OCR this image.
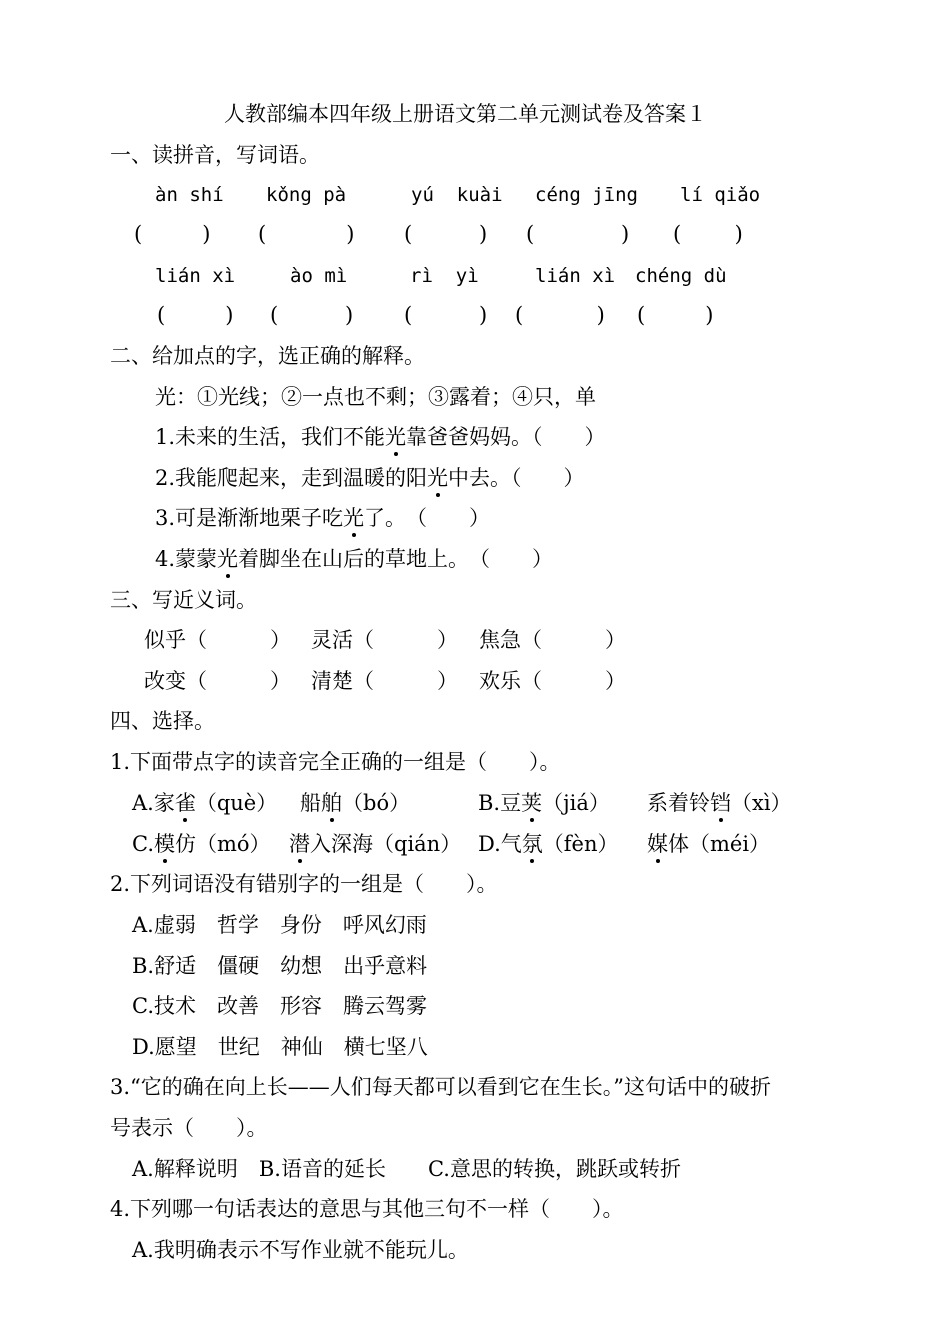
人教部编本四年级上册语文第二单元测试卷及答案１
一、读拼音，写词语。
àn shí kǒng pà	yú  kuài céng jīng lí qiǎo
(         ) (            ) (          ) (             ) (        )
lián xì	ào mì	rì  yì	lián xì chéng dù
(         ) (          ) (          ) (           ) (         )
二、给加点的字，选正确的解释。
光：①光线；②一点也不剩；③露着；④只，单
1.未来的生活，我们不能光靠爸爸妈妈。（　　）
2.我能爬起来，走到温暖的阳光中去。（　　）
3.可是渐渐地栗子吃光了。　（　　）
4.蒙蒙光着脚坐在山后的草地上。　（　　）
三、写近义词。
似乎（　　　） 灵活（　　　） 焦急（　　　）
改变（　　　） 清楚（　　　） 欢乐（　　　）
四、选择。
1.下面带点字的读音完全正确的一组是（　　）。
A.家雀（què） 船舶（bó）	B.豆荚（jiá） 系着铃铛（xì）
C.模仿（mó） 潜入深海（qián） D.气氛（fèn） 媒体（méi）
2.下列词语没有错别字的一组是（　　）。
A.虚弱　哲学　身份　呼风幻雨
B.舒适　僵硬　幼想　出乎意料
C.技术　改善　形容　腾云驾雾
D.愿望　世纪　神仙　横七坚八
3.“它的确在向上长——人们每天都可以看到它在生长。”这句话中的破折
号表示（　　）。
A.解释说明　B.语音的延长　　C.意思的转换，跳跃或转折
4.下列哪一句话表达的意思与其他三句不一样（　　）。
A.我明确表示不写作业就不能玩儿。
